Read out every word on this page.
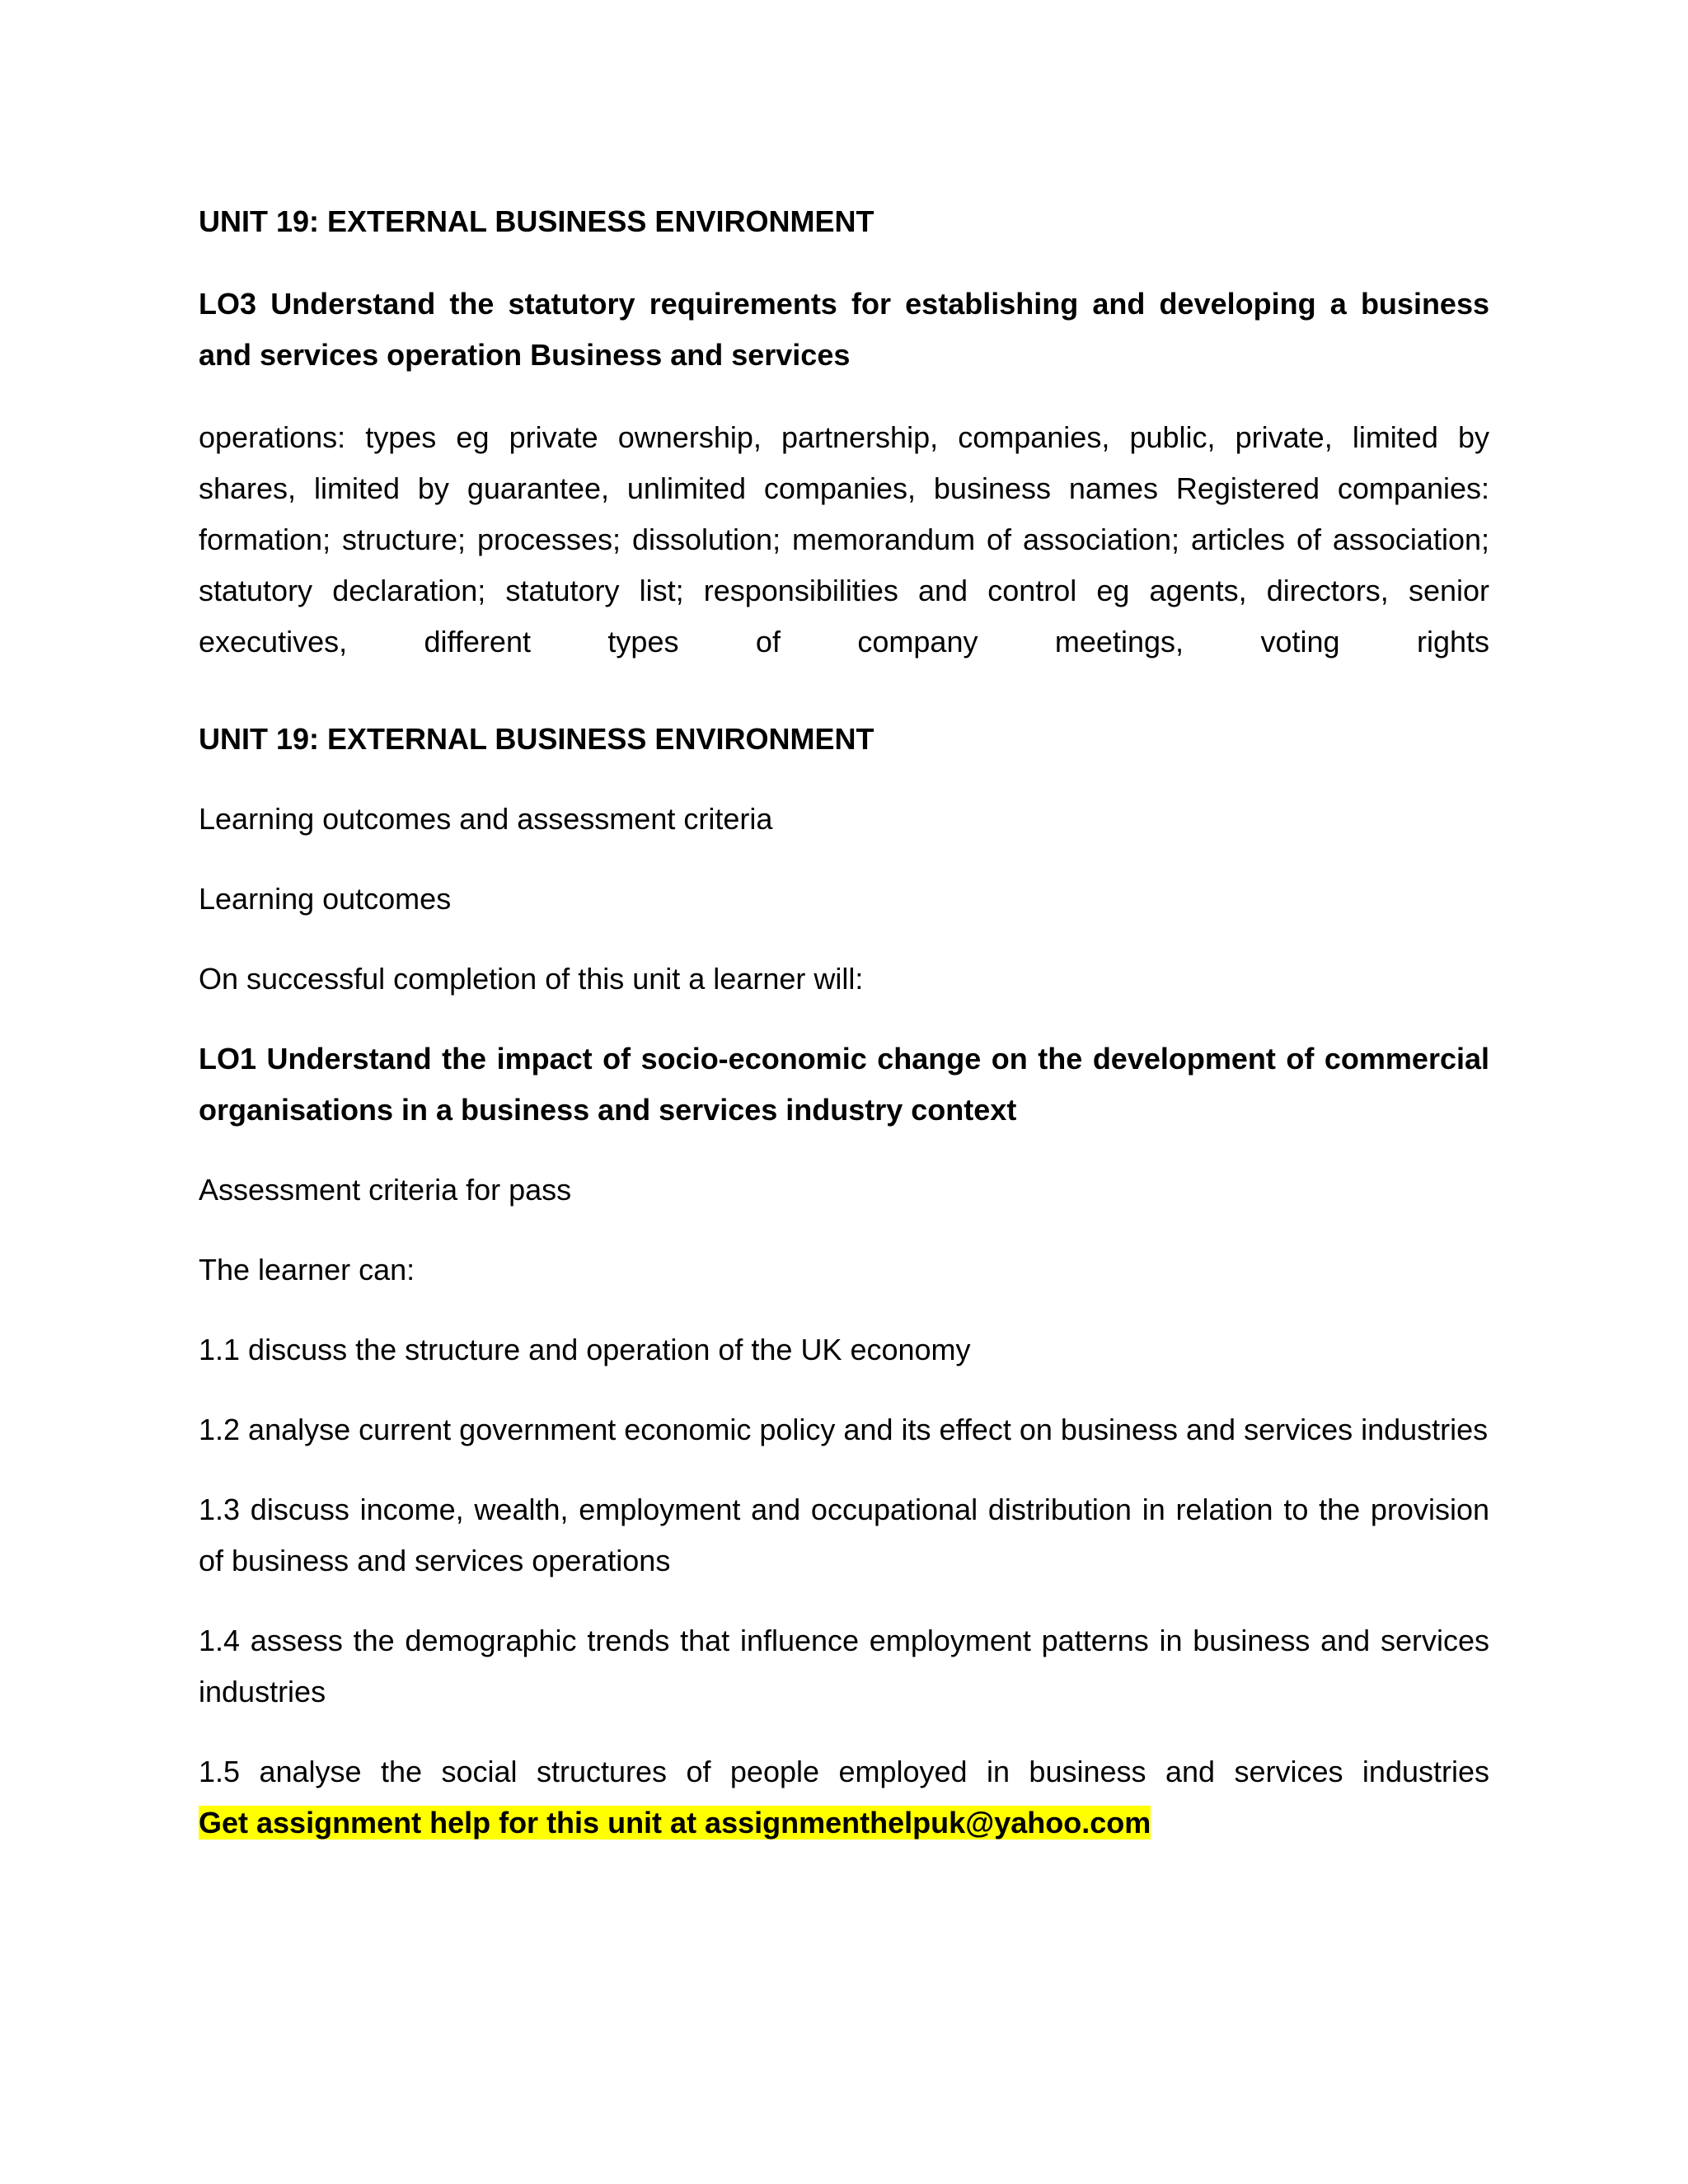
UNIT 19: EXTERNAL BUSINESS ENVIRONMENT

LO3 Understand the statutory requirements for establishing and developing a business and services operation Business and services

operations: types eg private ownership, partnership, companies, public, private, limited by

shares, limited by guarantee, unlimited companies, business names Registered companies:

formation; structure; processes; dissolution; memorandum of association; articles of association;

statutory declaration; statutory list; responsibilities and control eg agents, directors, senior

executives, different types of company meetings, voting rights

UNIT 19: EXTERNAL BUSINESS ENVIRONMENT

Learning outcomes and assessment criteria

Learning outcomes

On successful completion of this unit a learner will:

LO1 Understand the impact of socio-economic change on the development of commercial organisations in a business and services industry context

Assessment criteria for pass

The learner can:

1.1 discuss the structure and operation of the UK economy

1.2 analyse current government economic policy and its effect on business and services industries

1.3 discuss income, wealth, employment and occupational distribution in relation to the provision of business and services operations

1.4 assess the demographic trends that influence employment patterns in business and services industries

1.5 analyse the social structures of people employed in business and services industries

Get assignment help for this unit at assignmenthelpuk@yahoo.com
